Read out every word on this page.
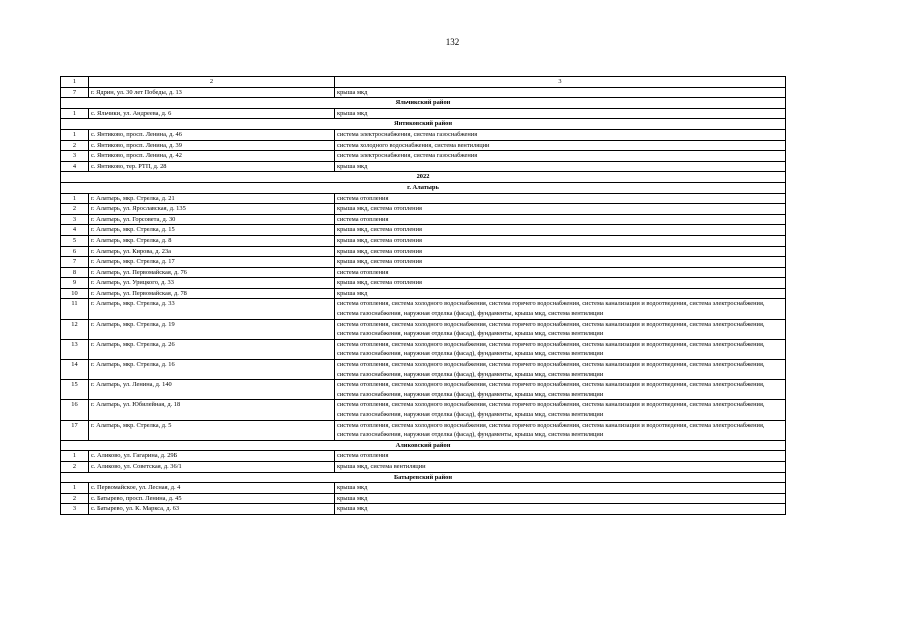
132
1	2	3
7	г. Ядрин, ул. 30 лет Победы, д. 13	крыша мкд
Яльчикский район		
1	с. Яльчики, ул. Андреева, д. 6	крыша мкд
Янтиковский район		
1	с. Янтиково, просп. Ленина, д. 46	система электроснабжения, система газоснабжения
2	с. Янтиково, просп. Ленина, д. 39	система холодного водоснабжения, система вентиляции
3	с. Янтиково, просп. Ленина, д. 42	система электроснабжения, система газоснабжения
4	с. Янтиково, тер. РТП, д. 28	крыша мкд
2022		
г. Алатырь		
1	г. Алатырь, мкр. Стрелка, д. 21	система отопления
2	г. Алатырь, ул. Ярославская, д. 135	крыша мкд, система отопления
3	г. Алатырь, ул. Горсовета, д. 30	система отопления
4	г. Алатырь, мкр. Стрелка, д. 15	крыша мкд, система отопления
5	г. Алатырь, мкр. Стрелка, д. 8	крыша мкд, система отопления
6	г. Алатырь, ул. Кирова, д. 23а	крыша мкд, система отопления
7	г. Алатырь, мкр. Стрелка, д. 17	крыша мкд, система отопления
8	г. Алатырь, ул. Первомайская, д. 76	система отопления
9	г. Алатырь, ул. Урицкого, д. 33	крыша мкд, система отопления
10	г. Алатырь, ул. Первомайская, д. 78	крыша мкд
11	г. Алатырь, мкр. Стрелка, д. 33	система отопления, система холодного водоснабжения, система горячего водоснабжения, система канализации и водоотведения, система электроснабжения, система газоснабжения, наружная отделка (фасад), фундаменты, крыша мкд, система вентиляции
12	г. Алатырь, мкр. Стрелка, д. 19	система отопления, система холодного водоснабжения, система горячего водоснабжения, система канализации и водоотведения, система электроснабжения, система газоснабжения, наружная отделка (фасад), фундаменты, крыша мкд, система вентиляции
13	г. Алатырь, мкр. Стрелка, д. 26	система отопления, система холодного водоснабжения, система горячего водоснабжения, система канализации и водоотведения, система электроснабжения, система газоснабжения, наружная отделка (фасад), фундаменты, крыша мкд, система вентиляции
14	г. Алатырь, мкр. Стрелка, д. 16	система отопления, система холодного водоснабжения, система горячего водоснабжения, система канализации и водоотведения, система электроснабжения, система газоснабжения, наружная отделка (фасад), фундаменты, крыша мкд, система вентиляции
15	г. Алатырь, ул. Ленина, д. 140	система отопления, система холодного водоснабжения, система горячего водоснабжения, система канализации и водоотведения, система электроснабжения, система газоснабжения, наружная отделка (фасад), фундаменты, крыша мкд, система вентиляции
16	г. Алатырь, ул. Юбилейная, д. 18	система отопления, система холодного водоснабжения, система горячего водоснабжения, система канализации и водоотведения, система электроснабжения, система газоснабжения, наружная отделка (фасад), фундаменты, крыша мкд, система вентиляции
17	г. Алатырь, мкр. Стрелка, д. 5	система отопления, система холодного водоснабжения, система горячего водоснабжения, система канализации и водоотведения, система электроснабжения, система газоснабжения, наружная отделка (фасад), фундаменты, крыша мкд, система вентиляции
Аликовский район		
1	с. Аликово, ул. Гагарина, д. 29Б	система отопления
2	с. Аликово, ул. Советская, д. 36/1	крыша мкд, система вентиляции
Батыревский район		
1	с. Первомайское, ул. Лесная, д. 4	крыша мкд
2	с. Батырево, просп. Ленина, д. 45	крыша мкд
3	с. Батырево, ул. К. Маркса, д. 63	крыша мкд
